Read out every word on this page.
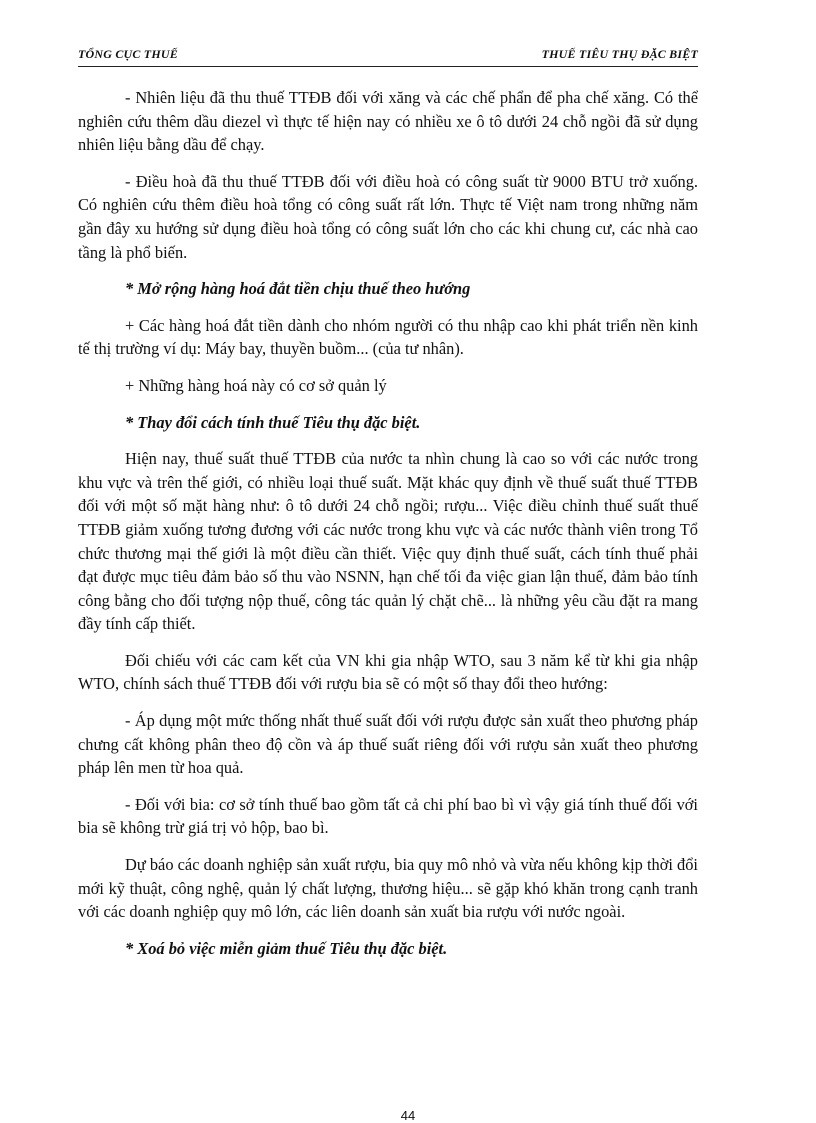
TỔNG CỤC THUẾ	THUẾ TIÊU THỤ ĐẶC BIỆT

- Nhiên liệu đã thu thuế TTĐB đối với xăng và các chế phẩn để pha chế xăng. Có thể nghiên cứu thêm dầu diezel vì thực tế hiện nay có nhiều xe ô tô dưới 24 chỗ ngồi đã sử dụng nhiên liệu bằng dầu để chạy.

- Điều hoà đã thu thuế TTĐB đối với điều hoà có công suất từ 9000 BTU trở xuống. Có nghiên cứu thêm điều hoà tổng có công suất rất lớn. Thực tế Việt nam trong những năm gần đây xu hướng sử dụng điều hoà tổng có công suất lớn cho các khi chung cư, các nhà cao tầng là phổ biến.

* Mở rộng hàng hoá đắt tiền chịu thuế theo hướng

+ Các hàng hoá đắt tiền dành cho nhóm người có thu nhập cao khi phát triển nền kinh tế thị trường ví dụ: Máy bay, thuyền buồm... (của tư nhân).

+ Những hàng hoá này có cơ sở quản lý

* Thay đổi cách tính thuế Tiêu thụ đặc biệt.

Hiện nay, thuế suất thuế TTĐB của nước ta nhìn chung là cao so với các nước trong khu vực và trên thế giới, có nhiều loại thuế suất. Mặt khác quy định về thuế suất thuế TTĐB đối với một số mặt hàng như: ô tô dưới 24 chỗ ngồi; rượu... Việc điều chỉnh thuế suất thuế TTĐB giảm xuống tương đương với các nước trong khu vực và các nước thành viên trong Tổ chức thương mại thế giới là một điều cần thiết. Việc quy định thuế suất, cách tính thuế phải đạt được mục tiêu đảm bảo số thu vào NSNN, hạn chế tối đa việc gian lận thuế, đảm bảo tính công bằng cho đối tượng nộp thuế, công tác quản lý chặt chẽ... là những yêu cầu đặt ra mang đầy tính cấp thiết.

Đối chiếu với các cam kết của VN khi gia nhập WTO, sau 3 năm kể từ khi gia nhập WTO, chính sách thuế TTĐB đối với rượu bia sẽ có một số thay đổi theo hướng:

- Áp dụng một mức thống nhất thuế suất đối với rượu được sản xuất theo phương pháp chưng cất không phân theo độ cồn và áp thuế suất riêng đối với rượu sản xuất theo phương pháp lên men từ hoa quả.

- Đối với bia: cơ sở tính thuế bao gồm tất cả chi phí bao bì vì vậy giá tính thuế đối với bia sẽ không trừ giá trị vỏ hộp, bao bì.

Dự báo các doanh nghiệp sản xuất rượu, bia quy mô nhỏ và vừa nếu không kịp thời đổi mới kỹ thuật, công nghệ, quản lý chất lượng, thương hiệu... sẽ gặp khó khăn trong cạnh tranh với các doanh nghiệp quy mô lớn, các liên doanh sản xuất bia rượu với nước ngoài.

* Xoá bỏ việc miễn giảm thuế Tiêu thụ đặc biệt.

44
